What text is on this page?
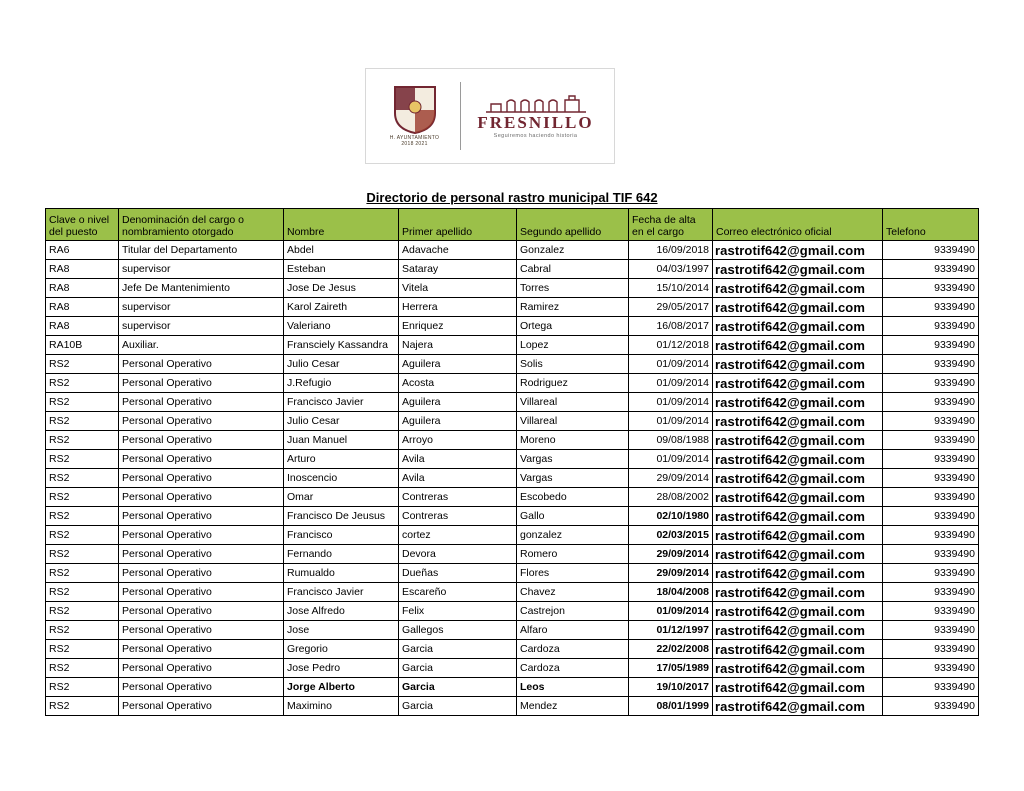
H. AYUNTAMIENTO
2018 2021
FRESNILLO
Seguiremos haciendo historia
Directorio de personal rastro municipal TIF 642
Clave o nivel del puesto	Denominación del cargo o nombramiento otorgado	Nombre	Primer apellido	Segundo apellido	Fecha de alta en el cargo	Correo electrónico oficial	Telefono
RA6	Titular del Departamento	Abdel	Adavache	Gonzalez	16/09/2018	rastrotif642@gmail.com	9339490
RA8	supervisor	Esteban	Sataray	Cabral	04/03/1997	rastrotif642@gmail.com	9339490
RA8	Jefe De Mantenimiento	Jose De Jesus	Vitela	Torres	15/10/2014	rastrotif642@gmail.com	9339490
RA8	supervisor	Karol Zaireth	Herrera	Ramirez	29/05/2017	rastrotif642@gmail.com	9339490
RA8	supervisor	Valeriano	Enriquez	Ortega	16/08/2017	rastrotif642@gmail.com	9339490
RA10B	Auxiliar.	Fransciely Kassandra	Najera	Lopez	01/12/2018	rastrotif642@gmail.com	9339490
RS2	Personal Operativo	Julio Cesar	Aguilera	Solis	01/09/2014	rastrotif642@gmail.com	9339490
RS2	Personal Operativo	J.Refugio	Acosta	Rodriguez	01/09/2014	rastrotif642@gmail.com	9339490
RS2	Personal Operativo	Francisco Javier	Aguilera	Villareal	01/09/2014	rastrotif642@gmail.com	9339490
RS2	Personal Operativo	Julio Cesar	Aguilera	Villareal	01/09/2014	rastrotif642@gmail.com	9339490
RS2	Personal Operativo	Juan Manuel	Arroyo	Moreno	09/08/1988	rastrotif642@gmail.com	9339490
RS2	Personal Operativo	Arturo	Avila	Vargas	01/09/2014	rastrotif642@gmail.com	9339490
RS2	Personal Operativo	Inoscencio	Avila	Vargas	29/09/2014	rastrotif642@gmail.com	9339490
RS2	Personal Operativo	Omar	Contreras	Escobedo	28/08/2002	rastrotif642@gmail.com	9339490
RS2	Personal Operativo	Francisco De Jeusus	Contreras	Gallo	02/10/1980	rastrotif642@gmail.com	9339490
RS2	Personal Operativo	Francisco	cortez	gonzalez	02/03/2015	rastrotif642@gmail.com	9339490
RS2	Personal Operativo	Fernando	Devora	Romero	29/09/2014	rastrotif642@gmail.com	9339490
RS2	Personal Operativo	Rumualdo	Dueñas	Flores	29/09/2014	rastrotif642@gmail.com	9339490
RS2	Personal Operativo	Francisco Javier	Escareño	Chavez	18/04/2008	rastrotif642@gmail.com	9339490
RS2	Personal Operativo	Jose Alfredo	Felix	Castrejon	01/09/2014	rastrotif642@gmail.com	9339490
RS2	Personal Operativo	Jose	Gallegos	Alfaro	01/12/1997	rastrotif642@gmail.com	9339490
RS2	Personal Operativo	Gregorio	Garcia	Cardoza	22/02/2008	rastrotif642@gmail.com	9339490
RS2	Personal Operativo	Jose Pedro	Garcia	Cardoza	17/05/1989	rastrotif642@gmail.com	9339490
RS2	Personal Operativo	Jorge Alberto	Garcia	Leos	19/10/2017	rastrotif642@gmail.com	9339490
RS2	Personal Operativo	Maximino	Garcia	Mendez	08/01/1999	rastrotif642@gmail.com	9339490
